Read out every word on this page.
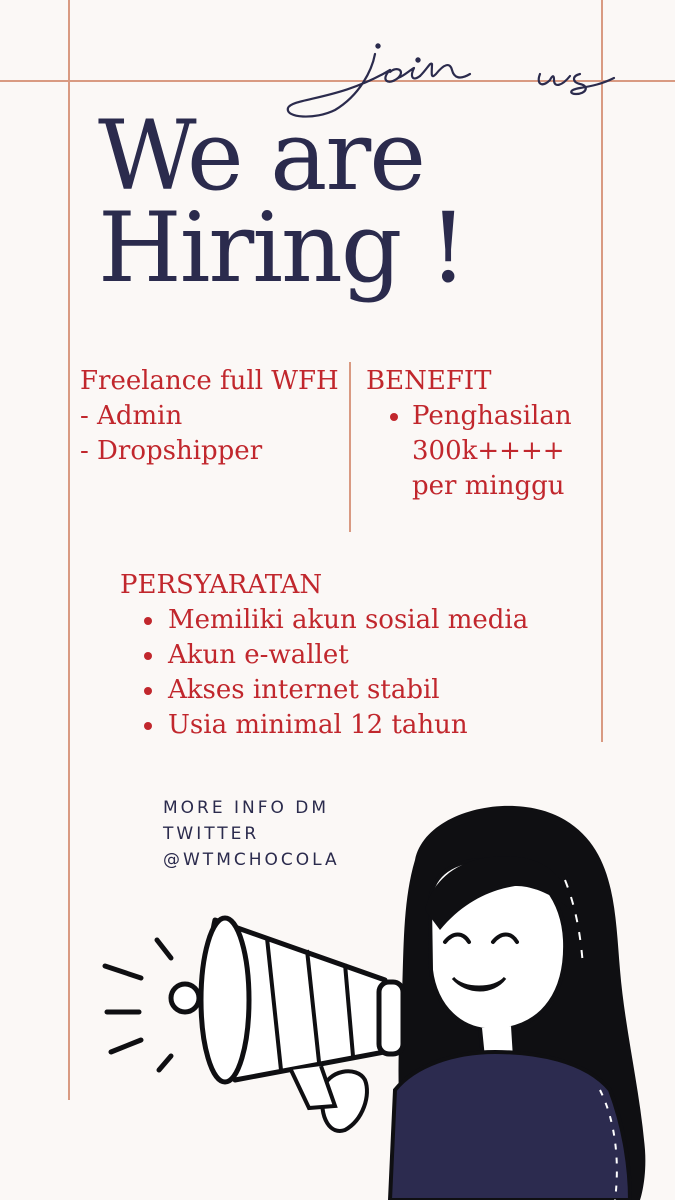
We are
Hiring !
Freelance full WFH
- Admin
- Dropshipper
BENEFIT
Penghasilan 300k++++ per minggu
PERSYARATAN
Memiliki akun sosial media
Akun e-wallet
Akses internet stabil
Usia minimal 12 tahun
MORE INFO DM
TWITTER
@WTMCHOCOLA
